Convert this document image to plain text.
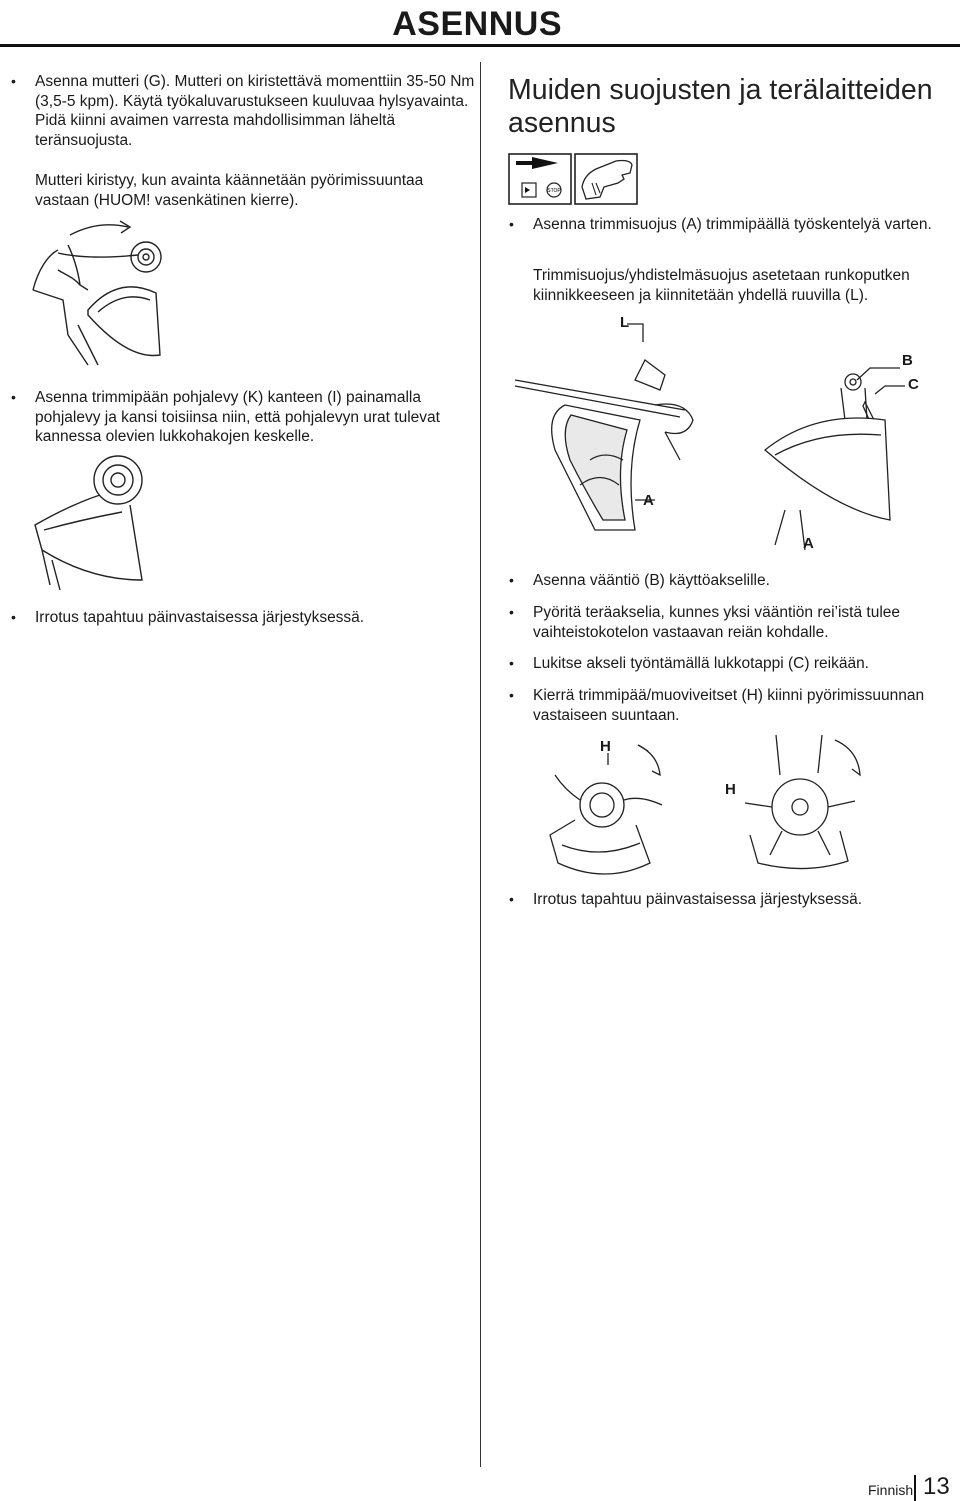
ASENNUS
• Asenna mutteri (G). Mutteri on kiristettävä momenttiin 35-50 Nm (3,5-5 kpm). Käytä työkaluvarustukseen kuuluvaa hylsyavainta. Pidä kiinni avaimen varresta mahdollisimman läheltä teränsuojusta.
Mutteri kiristyy, kun avainta käännetään pyörimissuuntaa vastaan (HUOM! vasenkätinen kierre).
• Asenna trimmipään pohjalevy (K) kanteen (I) painamalla pohjalevy ja kansi toisiinsa niin, että pohjalevyn urat tulevat kannessa olevien lukkohakojen keskelle.
• Irrotus tapahtuu päinvastaisessa järjestyksessä.
Muiden suojusten ja terälaitteiden asennus
STOP
• Asenna trimmisuojus (A) trimmipäällä työskentelyä varten.
Trimmisuojus/yhdistelmäsuojus asetetaan runkoputken kiinnikkeeseen ja kiinnitetään yhdellä ruuvilla (L).
L
A
B
C
A
• Asenna vääntiö (B) käyttöakselille.
• Pyöritä teräakselia, kunnes yksi vääntiön rei’istä tulee vaihteistokotelon vastaavan reiän kohdalle.
• Lukitse akseli työntämällä lukkotappi (C) reikään.
• Kierrä trimmipää/muoviveitset (H) kiinni pyörimissuunnan vastaiseen suuntaan.
H
H
• Irrotus tapahtuu päinvastaisessa järjestyksessä.
Finnish 13
